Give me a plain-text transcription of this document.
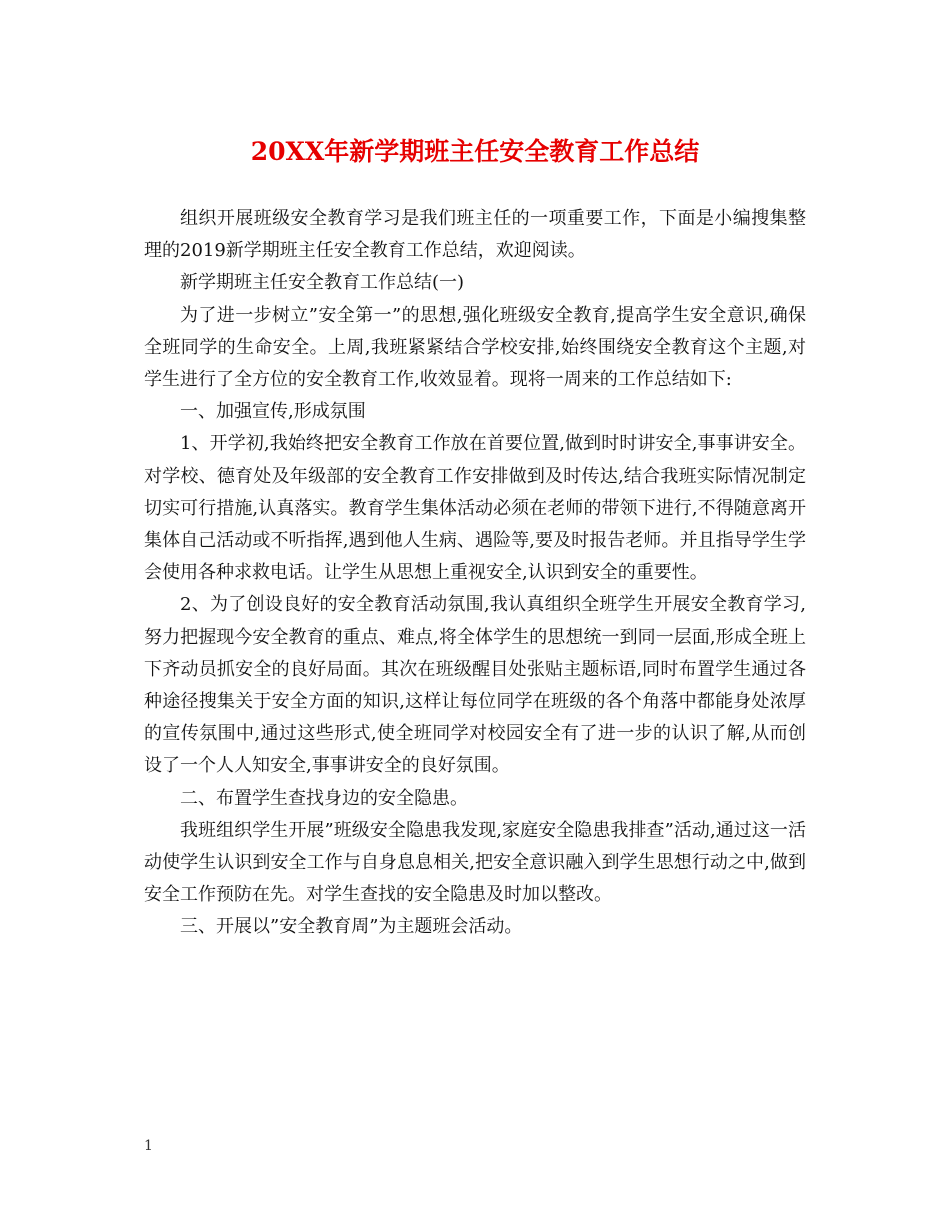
20XX年新学期班主任安全教育工作总结

组织开展班级安全教育学习是我们班主任的一项重要工作，下面是小编搜集整理的2019新学期班主任安全教育工作总结，欢迎阅读。

新学期班主任安全教育工作总结(一)

为了进一步树立”安全第一”的思想,强化班级安全教育,提高学生安全意识,确保全班同学的生命安全。上周,我班紧紧结合学校安排,始终围绕安全教育这个主题,对学生进行了全方位的安全教育工作,收效显着。现将一周来的工作总结如下:

一、加强宣传,形成氛围

1、开学初,我始终把安全教育工作放在首要位置,做到时时讲安全,事事讲安全。对学校、德育处及年级部的安全教育工作安排做到及时传达,结合我班实际情况制定切实可行措施,认真落实。教育学生集体活动必须在老师的带领下进行,不得随意离开集体自己活动或不听指挥,遇到他人生病、遇险等,要及时报告老师。并且指导学生学会使用各种求救电话。让学生从思想上重视安全,认识到安全的重要性。

2、为了创设良好的安全教育活动氛围,我认真组织全班学生开展安全教育学习,努力把握现今安全教育的重点、难点,将全体学生的思想统一到同一层面,形成全班上下齐动员抓安全的良好局面。其次在班级醒目处张贴主题标语,同时布置学生通过各种途径搜集关于安全方面的知识,这样让每位同学在班级的各个角落中都能身处浓厚的宣传氛围中,通过这些形式,使全班同学对校园安全有了进一步的认识了解,从而创设了一个人人知安全,事事讲安全的良好氛围。

二、布置学生查找身边的安全隐患。

我班组织学生开展”班级安全隐患我发现,家庭安全隐患我排查”活动,通过这一活动使学生认识到安全工作与自身息息相关,把安全意识融入到学生思想行动之中,做到安全工作预防在先。对学生查找的安全隐患及时加以整改。

三、开展以”安全教育周”为主题班会活动。

1
